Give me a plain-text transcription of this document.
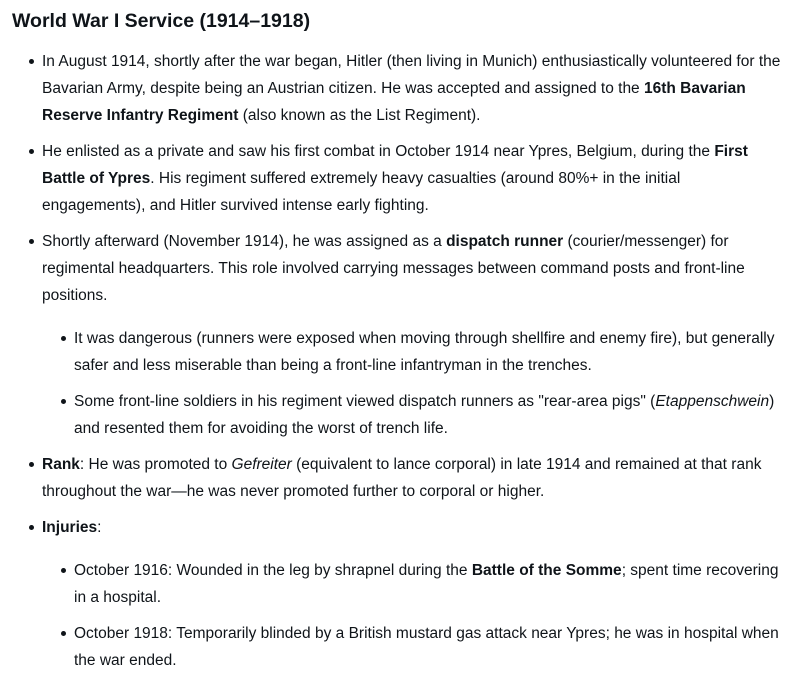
World War I Service (1914–1918)
In August 1914, shortly after the war began, Hitler (then living in Munich) enthusiastically volunteered for the Bavarian Army, despite being an Austrian citizen. He was accepted and assigned to the 16th Bavarian Reserve Infantry Regiment (also known as the List Regiment).
He enlisted as a private and saw his first combat in October 1914 near Ypres, Belgium, during the First Battle of Ypres. His regiment suffered extremely heavy casualties (around 80%+ in the initial engagements), and Hitler survived intense early fighting.
Shortly afterward (November 1914), he was assigned as a dispatch runner (courier/messenger) for regimental headquarters. This role involved carrying messages between command posts and front-line positions.
It was dangerous (runners were exposed when moving through shellfire and enemy fire), but generally safer and less miserable than being a front-line infantryman in the trenches.
Some front-line soldiers in his regiment viewed dispatch runners as "rear-area pigs" (Etappenschwein) and resented them for avoiding the worst of trench life.
Rank: He was promoted to Gefreiter (equivalent to lance corporal) in late 1914 and remained at that rank throughout the war—he was never promoted further to corporal or higher.
Injuries:
October 1916: Wounded in the leg by shrapnel during the Battle of the Somme; spent time recovering in a hospital.
October 1918: Temporarily blinded by a British mustard gas attack near Ypres; he was in hospital when the war ended.
